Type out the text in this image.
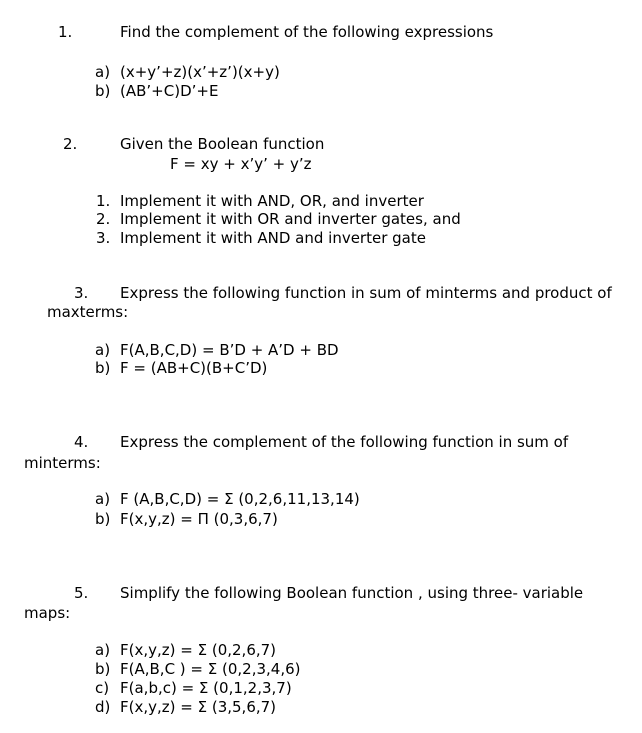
1.	Find the complement of the following expressions
a) (x+y’+z)(x’+z’)(x+y)
b) (AB’+C)D’+E
2.	Given the Boolean function
F = xy + x’y’ + y’z
1. Implement it with AND, OR, and inverter
2. Implement it with OR and inverter gates, and
3. Implement it with AND and inverter gate
3. Express the following function in sum of minterms and product of
maxterms:
a) F(A,B,C,D) = B’D + A’D + BD
b) F = (AB+C)(B+C’D)
4. Express the complement of the following function in sum of
minterms:
a) F (A,B,C,D) = Σ (0,2,6,11,13,14)
b) F(x,y,z) = Π (0,3,6,7)
5. Simplify the following Boolean function , using three- variable
maps:
a) F(x,y,z) = Σ (0,2,6,7)
b) F(A,B,C ) = Σ (0,2,3,4,6)
c) F(a,b,c) = Σ (0,1,2,3,7)
d) F(x,y,z) = Σ (3,5,6,7)
